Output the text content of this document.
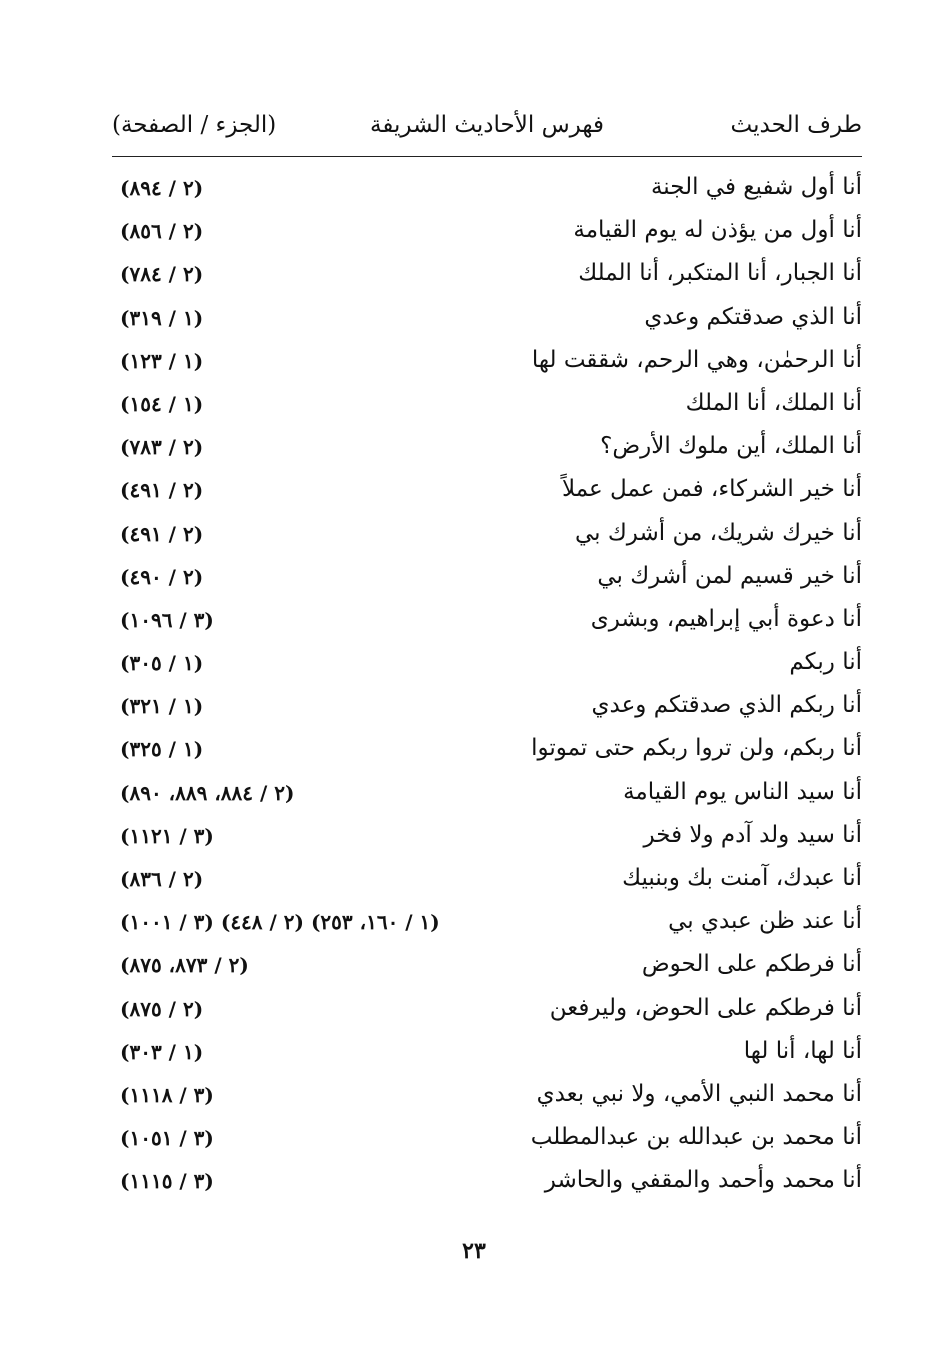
طرف الحديث
فهرس الأحاديث الشريفة
(الجزء / الصفحة)
أنا أول شفيع في الجنة
(٢ / ٨٩٤)
أنا أول من يؤذن له يوم القيامة
(٢ / ٨٥٦)
أنا الجبار، أنا المتكبر، أنا الملك
(٢ / ٧٨٤)
أنا الذي صدقتكم وعدي
(١ / ٣١٩)
أنا الرحمٰن، وهي الرحم، شققت لها
(١ / ١٢٣)
أنا الملك، أنا الملك
(١ / ١٥٤)
أنا الملك، أين ملوك الأرض؟
(٢ / ٧٨٣)
أنا خير الشركاء، فمن عمل عملاً
(٢ / ٤٩١)
أنا خيرك شريك، من أشرك بي
(٢ / ٤٩١)
أنا خير قسيم لمن أشرك بي
(٢ / ٤٩٠)
أنا دعوة أبي إبراهيم، وبشرى
(٣ / ١٠٩٦)
أنا ربكم
(١ / ٣٠٥)
أنا ربكم الذي صدقتكم وعدي
(١ / ٣٢١)
أنا ربكم، ولن تروا ربكم حتى تموتوا
(١ / ٣٢٥)
أنا سيد الناس يوم القيامة
(٢ / ٨٨٤، ٨٨٩، ٨٩٠)
أنا سيد ولد آدم ولا فخر
(٣ / ١١٢١)
أنا عبدك، آمنت بك وبنبيك
(٢ / ٨٣٦)
أنا عند ظن عبدي بي
(١ / ١٦٠، ٢٥٣) (٢ / ٤٤٨) (٣ / ١٠٠١)
أنا فرطكم على الحوض
(٢ / ٨٧٣، ٨٧٥)
أنا فرطكم على الحوض، وليرفعن
(٢ / ٨٧٥)
أنا لها، أنا لها
(١ / ٣٠٣)
أنا محمد النبي الأمي، ولا نبي بعدي
(٣ / ١١١٨)
أنا محمد بن عبدالله بن عبدالمطلب
(٣ / ١٠٥١)
أنا محمد وأحمد والمقفي والحاشر
(٣ / ١١١٥)
٢٣
